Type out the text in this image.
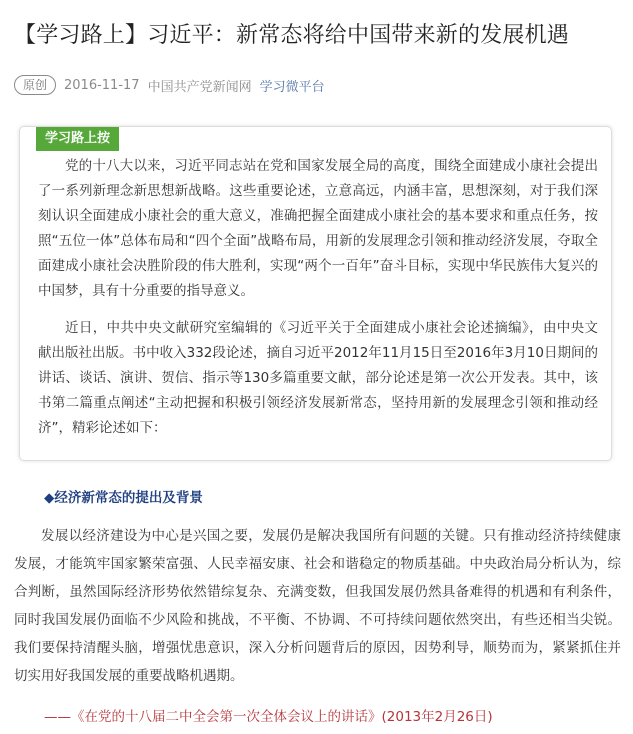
【学习路上】习近平：新常态将给中国带来新的发展机遇
原创	2016-11-17 中国共产党新闻网 学习微平台
学习路上按

党的十八大以来，习近平同志站在党和国家发展全局的高度，围绕全面建成小康社会提出了一系列新理念新思想新战略。这些重要论述，立意高远，内涵丰富，思想深刻，对于我们深刻认识全面建成小康社会的重大意义，准确把握全面建成小康社会的基本要求和重点任务，按照“五位一体”总体布局和“四个全面”战略布局，用新的发展理念引领和推动经济发展，夺取全面建成小康社会决胜阶段的伟大胜利，实现“两个一百年”奋斗目标，实现中华民族伟大复兴的中国梦，具有十分重要的指导意义。

近日，中共中央文献研究室编辑的《习近平关于全面建成小康社会论述摘编》，由中央文献出版社出版。书中收入332段论述，摘自习近平2012年11月15日至2016年3月10日期间的讲话、谈话、演讲、贺信、指示等130多篇重要文献，部分论述是第一次公开发表。其中，该书第二篇重点阐述“主动把握和积极引领经济发展新常态，坚持用新的发展理念引领和推动经济”，精彩论述如下：

◆经济新常态的提出及背景
发展以经济建设为中心是兴国之要，发展仍是解决我国所有问题的关键。只有推动经济持续健康发展，才能筑牢国家繁荣富强、人民幸福安康、社会和谐稳定的物质基础。中央政治局分析认为，综合判断，虽然国际经济形势依然错综复杂、充满变数，但我国发展仍然具备难得的机遇和有利条件，同时我国发展仍面临不少风险和挑战，不平衡、不协调、不可持续问题依然突出，有些还相当尖锐。我们要保持清醒头脑，增强忧患意识，深入分析问题背后的原因，因势利导，顺势而为，紧紧抓住并切实用好我国发展的重要战略机遇期。
——《在党的十八届二中全会第一次全体会议上的讲话》(2013年2月26日)
